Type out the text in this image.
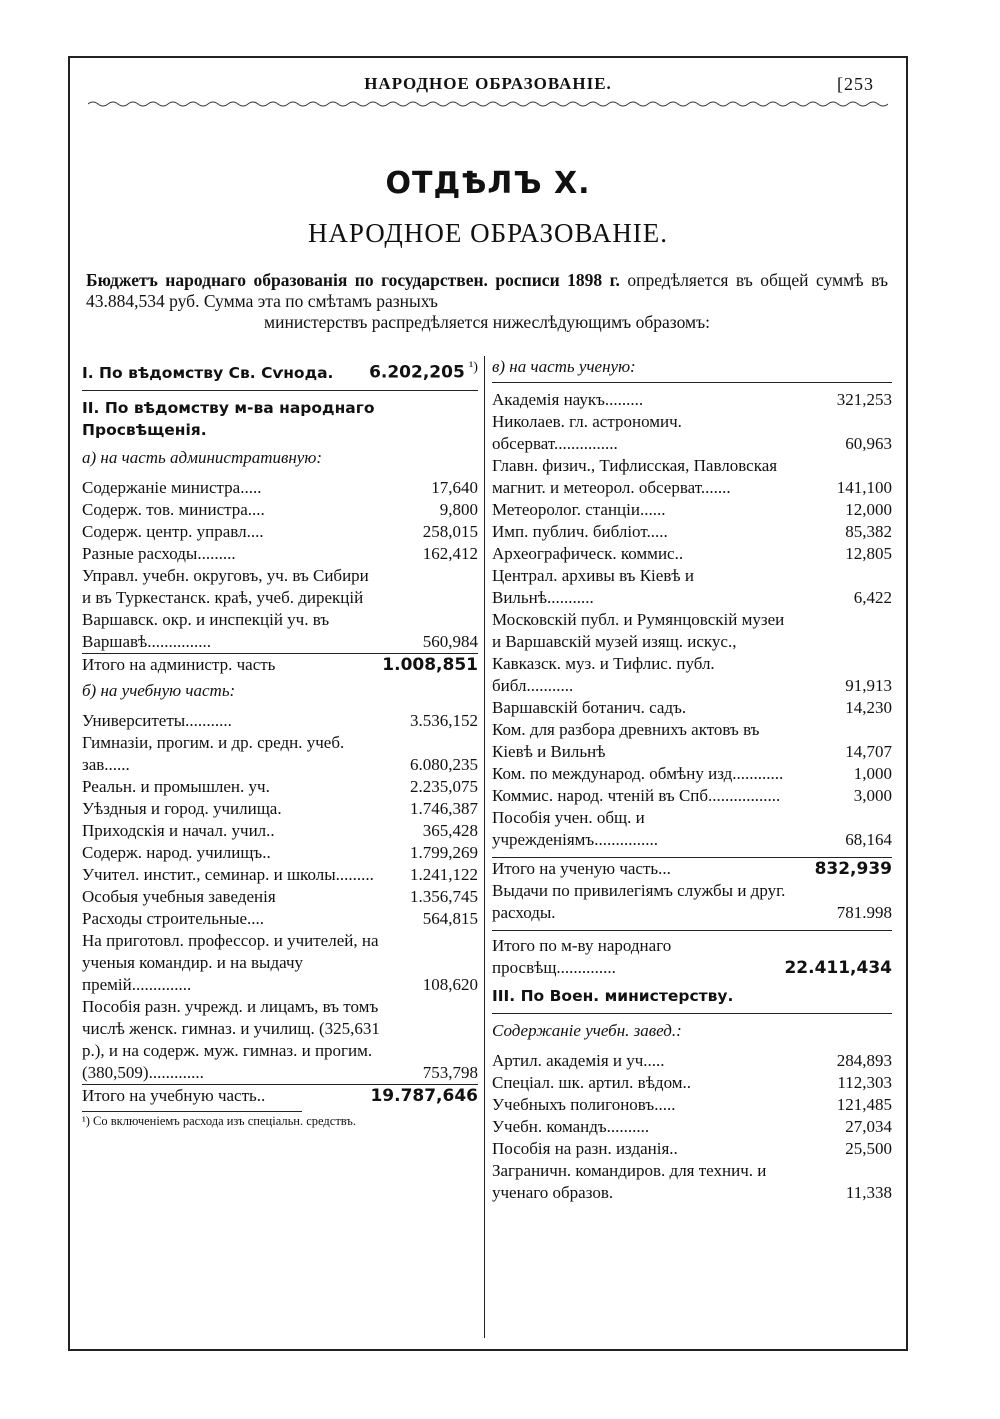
НАРОДНОЕ ОБРАЗОВАНІЕ.	[253
ОТДѢЛЪ X.
НАРОДНОЕ ОБРАЗОВАНІЕ.
Бюджетъ народнаго образованія по государствен. росписи 1898 г. опредѣляется въ общей суммѣ въ 43.884,534 руб. Сумма эта по смѣтамъ разныхъ
министерствъ распредѣляется нижеслѣдующимъ образомъ:
I. По вѣдомству Св. Сѵнода.	6.202,205 $^{^1)}$
II. По вѣдомству м-ва народнаго Просвѣщенія.
а) на часть административную:
Содержаніе министра.....	17,640
Содерж. тов. министра....	9,800
Содерж. центр. управл....	258,015
Разные расходы.........	162,412
Управл. учебн. округовъ, уч. въ Сибири и въ Туркестанск. краѣ, учеб. дирекцій Варшавск. окр. и инспекцій уч. въ Варшавѣ...............	560,984
Итого на администр. часть	1.008,851
б) на учебную часть:
Университеты...........	3.536,152
Гимназіи, прогим. и др. средн. учеб. зав......	6.080,235
Реальн. и промышлен. уч.	2.235,075
Уѣздныя и город. училища.	1.746,387
Приходскія и начал. учил..	365,428
Содерж. народ. училищъ..	1.799,269
Учител. инстит., семинар. и школы.........	1.241,122
Особыя учебныя заведенія	1.356,745
Расходы строительные....	564,815
На приготовл. профессор. и учителей, на ученыя командир. и на выдачу премій..............	108,620
Пособія разн. учрежд. и лицамъ, въ томъ числѣ женск. гимназ. и училищ. (325,631 р.), и на содерж. муж. гимназ. и прогим. (380,509).............	753,798
Итого на учебную часть..	19.787,646
¹) Со включеніемъ расхода изъ спеціальн. средствъ.
в) на часть ученую:
Академія наукъ.........	321,253
Николаев. гл. астрономич. обсерват...............	60,963
Главн. физич., Тифлисская, Павловская магнит. и метеорол. обсерват.......	141,100
Метеоролог. станціи......	12,000
Имп. публич. библіот.....	85,382
Археографическ. коммис..	12,805
Централ. архивы въ Кіевѣ и Вильнѣ...........	6,422
Московскій публ. и Румянцовскій музеи и Варшавскій музей изящ. искус., Кавказск. муз. и Тифлис. публ. библ...........	91,913
Варшавскій ботанич. садъ.	14,230
Ком. для разбора древнихъ актовъ въ Кіевѣ и Вильнѣ	14,707
Ком. по международ. обмѣну изд............	1,000
Коммис. народ. чтеній въ Спб.................	3,000
Пособія учен. общ. и учрежденіямъ...............	68,164
Итого на ученую часть...	832,939
Выдачи по привилегіямъ службы и друг. расходы.	781.998
Итого по м-ву народнаго просвѣщ..............	22.411,434
III. По Воен. министерству.
Содержаніе учебн. завед.:
Артил. академія и уч.....	284,893
Спеціал. шк. артил. вѣдом..	112,303
Учебныхъ полигоновъ.....	121,485
Учебн. командъ..........	27,034
Пособія на разн. изданія..	25,500
Заграничн. командиров. для технич. и ученаго образов.	11,338
